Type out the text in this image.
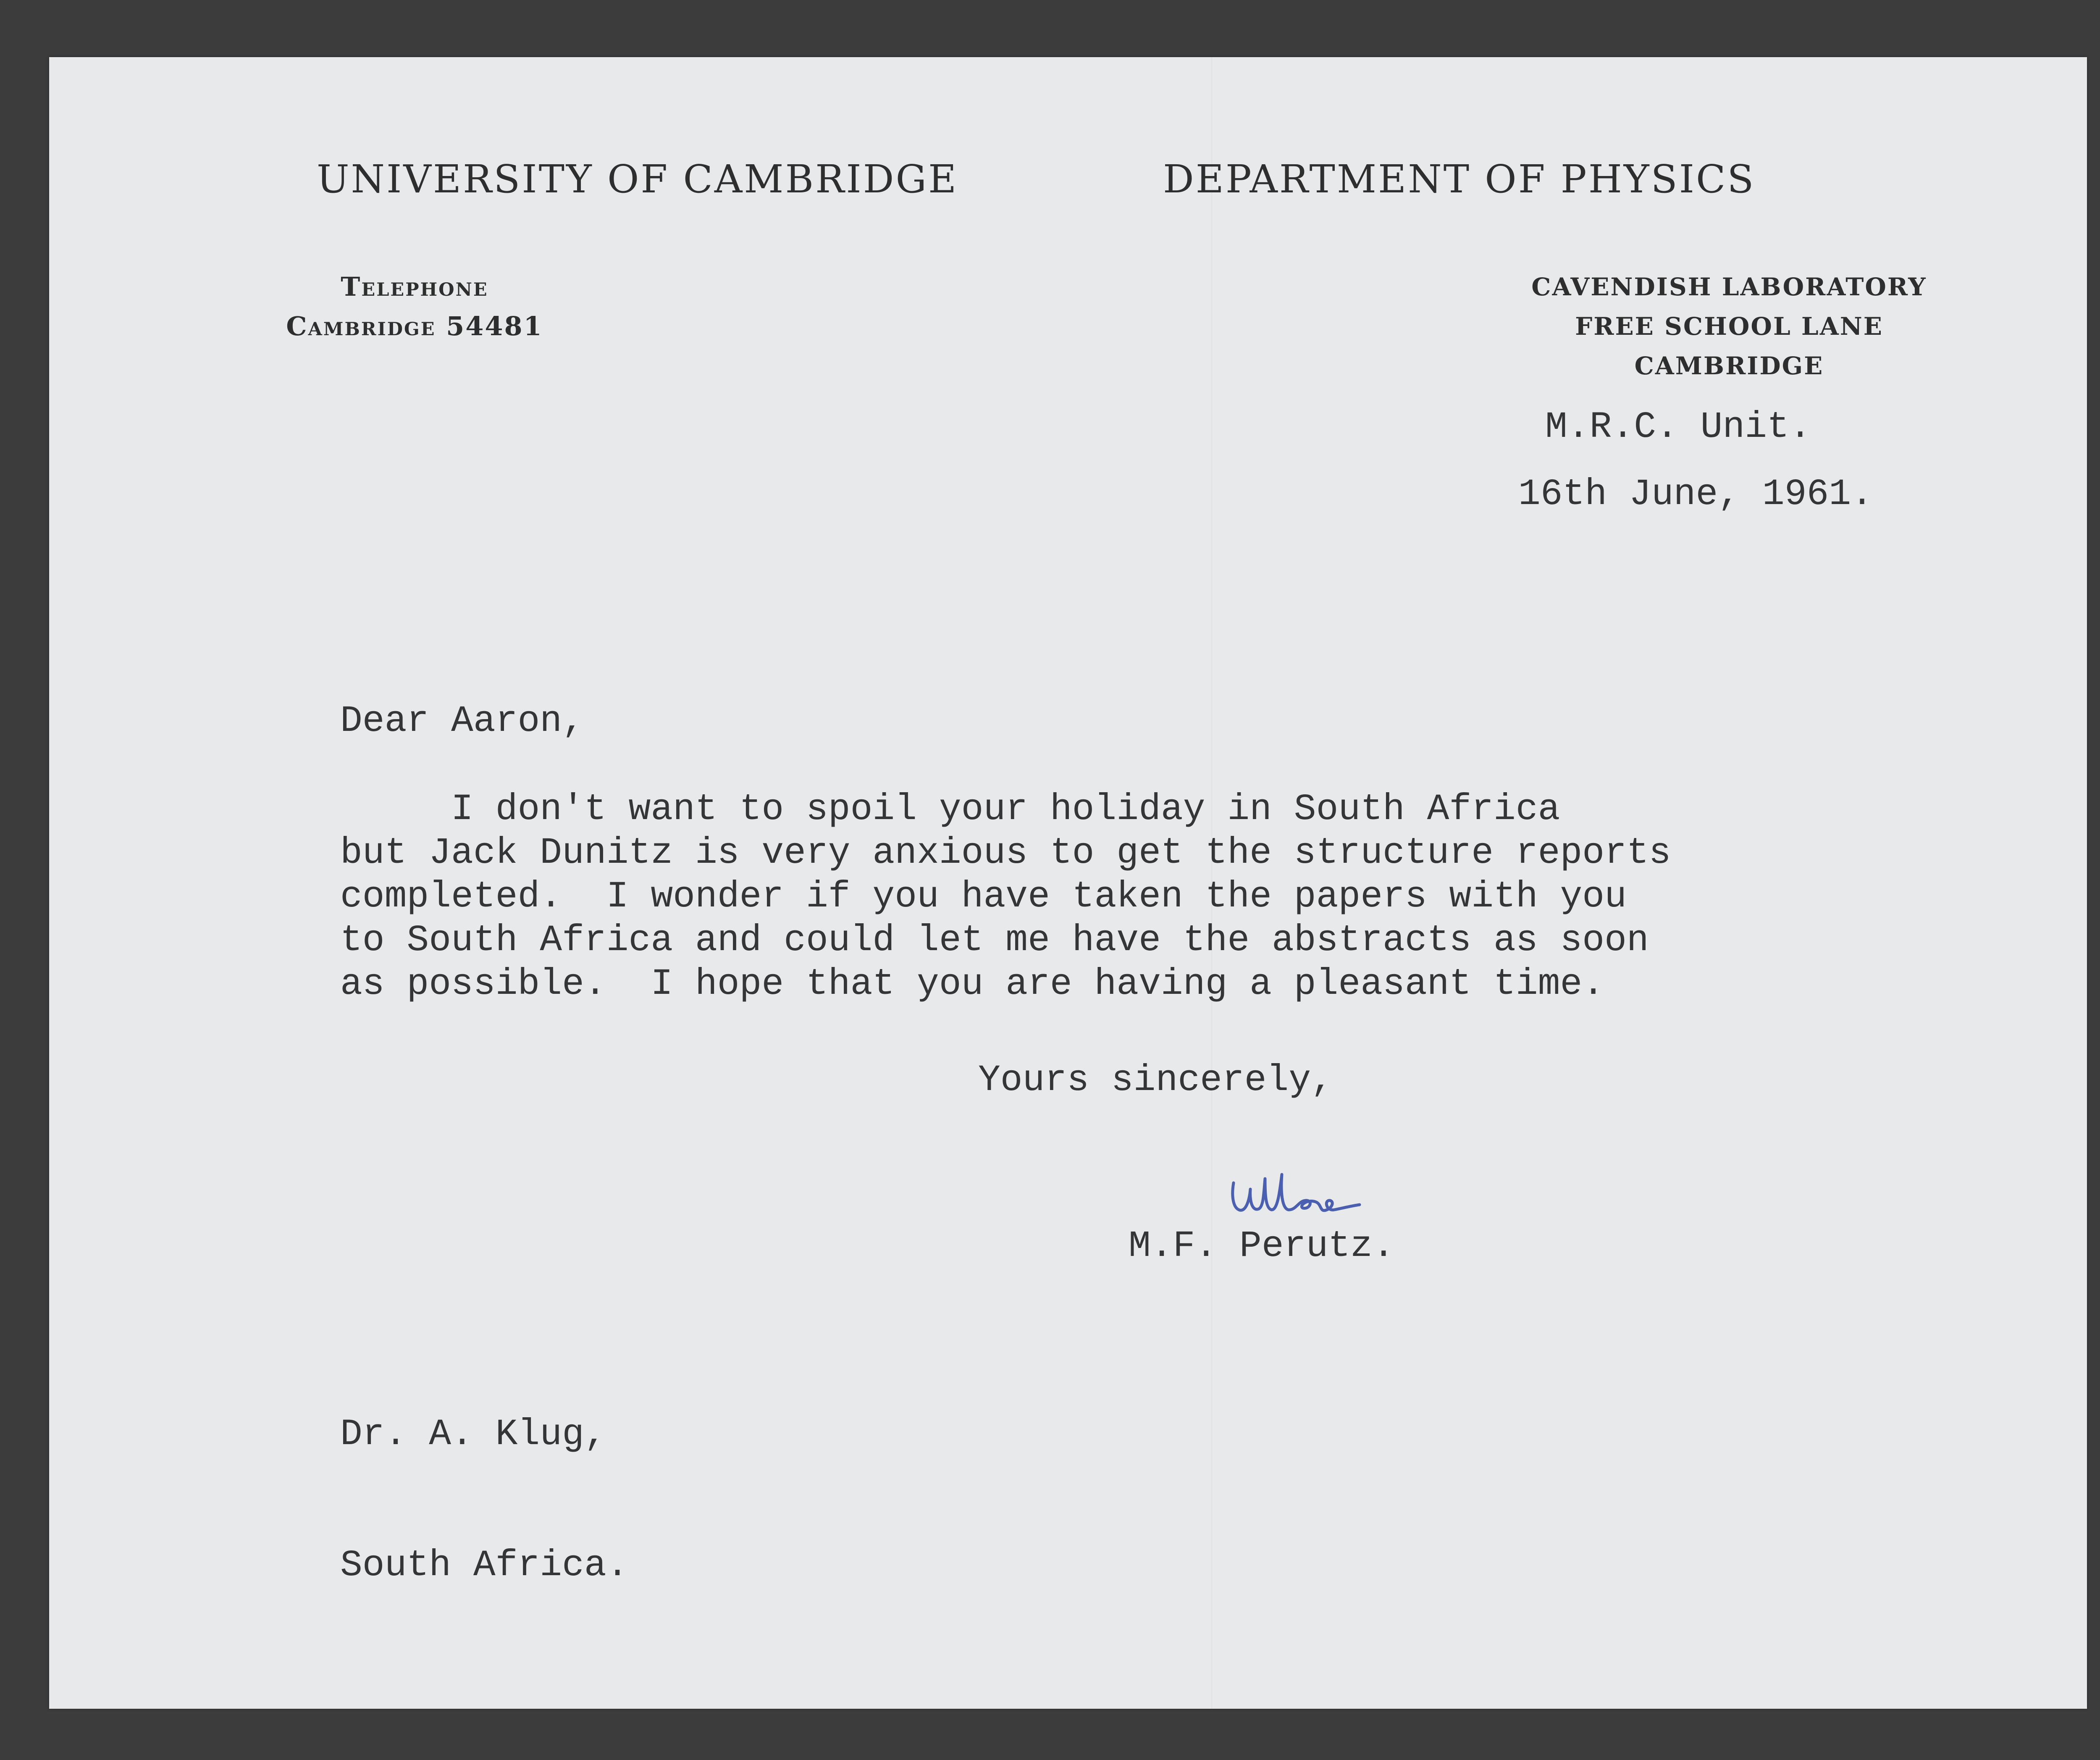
UNIVERSITY OF CAMBRIDGE	DEPARTMENT OF PHYSICS

Telephone
Cambridge 54481
CAVENDISH LABORATORY
FREE SCHOOL LANE
CAMBRIDGE

M.R.C. Unit.

16th June, 1961.

Dear Aaron,

I don't want to spoil your holiday in South Africa
but Jack Dunitz is very anxious to get the structure reports
completed.  I wonder if you have taken the papers with you
to South Africa and could let me have the abstracts as soon
as possible.  I hope that you are having a pleasant time.

Yours sincerely,

M.F. Perutz.

Dr. A. Klug,

South Africa.
